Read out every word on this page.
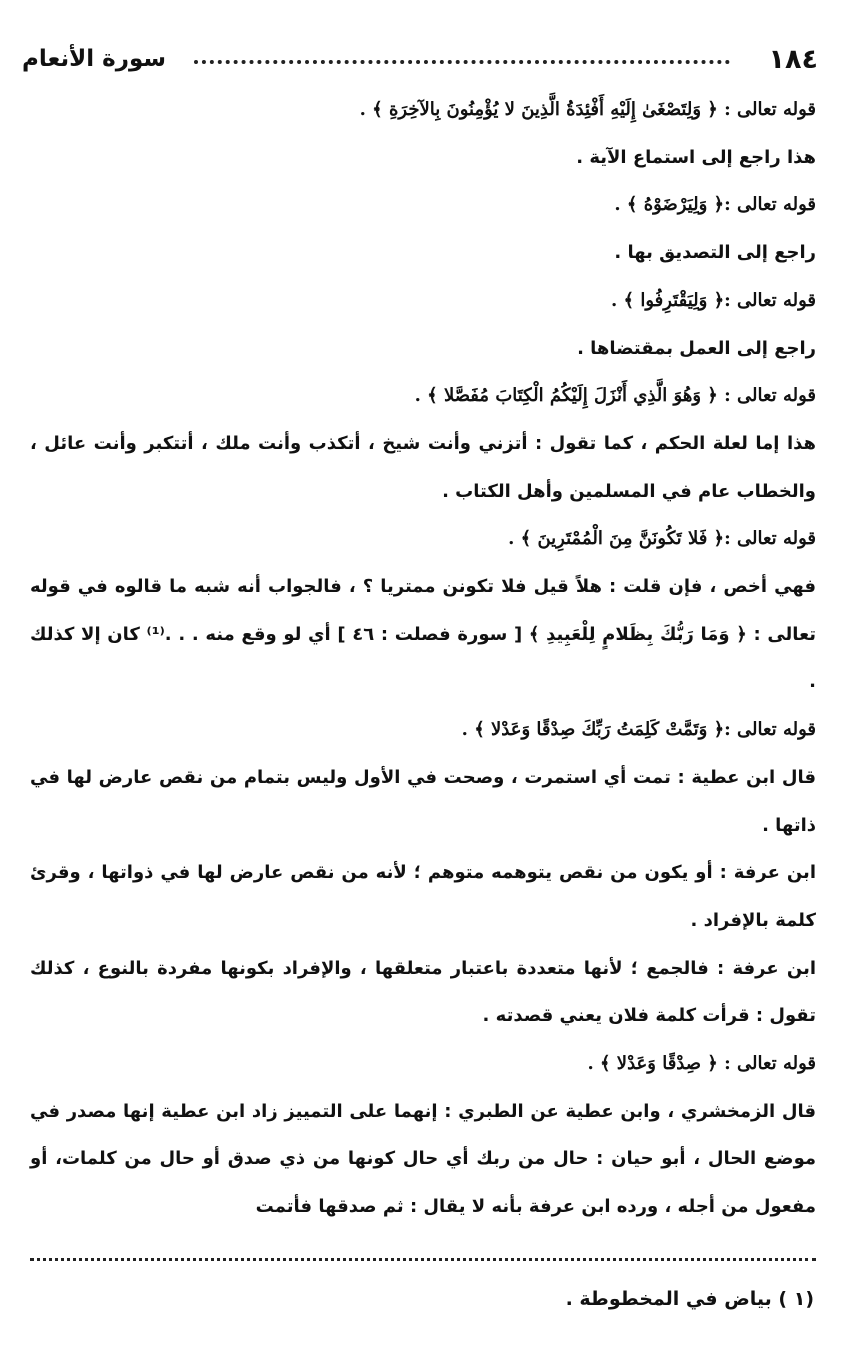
١٨٤
سورة الأنعام

قوله تعالى : ﴿ وَلِتَصْغَىٰ إِلَيْهِ أَفْئِدَةُ الَّذِينَ لا يُؤْمِنُونَ بِالآخِرَةِ ﴾ .

هذا راجع إلى استماع الآية .

قوله تعالى :﴿ وَلِيَرْضَوْهُ ﴾ .

راجع إلى التصديق بها .

قوله تعالى :﴿ وَلِيَقْتَرِفُوا ﴾ .

راجع إلى العمل بمقتضاها .

قوله تعالى : ﴿ وَهُوَ الَّذِي أَنْزَلَ إِلَيْكُمُ الْكِتَابَ مُفَصَّلا ﴾ .

هذا إما لعلة الحكم ، كما تقول : أتزني وأنت شيخ ، أتكذب وأنت ملك ، أتتكبر وأنت عائل ، والخطاب عام في المسلمين وأهل الكتاب .

قوله تعالى :﴿ فَلا تَكُونَنَّ مِنَ الْمُمْتَرِينَ ﴾ .

فهي أخص ، فإن قلت : هلاً قيل فلا تكونن ممتريا ؟ ، فالجواب أنه شبه ما قالوه في قوله تعالى : ﴿ وَمَا رَبُّكَ بِظَلامٍ لِلْعَبِيدِ ﴾ [ سورة فصلت : ٤٦ ] أي لو وقع منه . . .⁽¹⁾ كان إلا كذلك .

قوله تعالى :﴿ وَتَمَّتْ كَلِمَتُ رَبِّكَ صِدْقًا وَعَدْلا ﴾ .

قال ابن عطية : تمت أي استمرت ، وصحت في الأول وليس بتمام من نقص عارض لها في ذاتها .

ابن عرفة : أو يكون من نقص يتوهمه متوهم ؛ لأنه من نقص عارض لها في ذواتها ، وقرئ كلمة بالإفراد .

ابن عرفة : فالجمع ؛ لأنها متعددة باعتبار متعلقها ، والإفراد بكونها مفردة بالنوع ، كذلك تقول : قرأت كلمة فلان يعني قصدته .

قوله تعالى : ﴿ صِدْقًا وَعَدْلا ﴾ .

قال الزمخشري ، وابن عطية عن الطبري : إنهما على التمييز زاد ابن عطية إنها مصدر في موضع الحال ، أبو حيان : حال من ربك أي حال كونها من ذي صدق أو حال من كلمات، أو مفعول من أجله ، ورده ابن عرفة بأنه لا يقال : ثم صدقها فأتمت

(١ ) بياض في المخطوطة .
